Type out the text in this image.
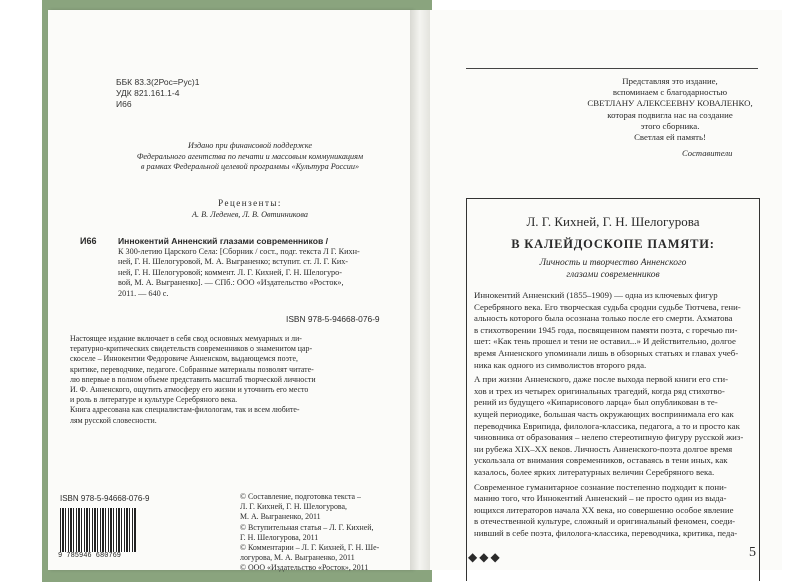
ББК 83.3(2Рос=Рус)1
УДК 821.161.1-4
И66
Издано при финансовой поддержке
Федерального агентства по печати и массовым коммуникациям
в рамках Федеральной целевой программы «Культура России»
Рецензенты:
А. В. Леденев, Л. В. Овтинникова
И66	Иннокентий Анненский глазами современников /
К 300-летию Царского Села: [Сборник / сост., подг. текста Л Г. Кихн-
ней, Г. Н. Шелогуровой, М. А. Выграненко; вступит. ст. Л. Г. Ких-
ней, Г. Н. Шелогуровой; коммент. Л. Г. Кихней, Г. Н. Шелогуро-
вой, М. А. Выграненко]. — СПб.: ООО «Издательство «Росток»,
2011. — 640 с.
ISBN 978-5-94668-076-9
Настоящее издание включает в себя свод основных мемуарных и ли-
тературно-критических свидетельств современников о знаменитом цар-
скоселе – Иннокентии Федоровиче Анненском, выдающемся поэте,
критике, переводчике, педагоге. Собранные материалы позволят читате-
лю впервые в полном объеме представить масштаб творческой личности
И. Ф. Анненского, ощутить атмосферу его жизни и уточнить его место
и роль в литературе и культуре Серебряного века.
Книга адресована как специалистам-филологам, так и всем любите-
лям русской словесности.
ISBN 978-5-94668-076-9
9 785946 680769
© Составление, подготовка текста –
Л. Г. Кихней, Г. Н. Шелогурова,
М. А. Выграненко, 2011
© Вступительная статья – Л. Г. Кихней,
Г. Н. Шелогурова, 2011
© Комментарии – Л. Г. Кихней, Г. Н. Ше-
логурова, М. А. Выграненко, 2011
© ООО «Издательство «Росток», 2011
Представляя это издание,
вспоминаем с благодарностью
СВЕТЛАНУ АЛЕКСЕЕВНУ КОВАЛЕНКО,
которая подвигла нас на создание
этого сборника.
Светлая ей память!
Составители
Л. Г. Кихней, Г. Н. Шелогурова
В КАЛЕЙДОСКОПЕ ПАМЯТИ:
Личность и творчество Анненского
глазами современников

Иннокентий Анненский (1855–1909) — одна из ключевых фигур

Серебряного века. Его творческая судьба сродни судьбе Тютчева, гени-

альность которого была осознана только после его смерти. Ахматова

в стихотворении 1945 года, посвященном памяти поэта, с горечью пи-

шет: «Как тень прошел и тени не оставил...» И действительно, долгое

время Анненского упоминали лишь в обзорных статьях и главах учеб-

ника как одного из символистов второго ряда.

А при жизни Анненского, даже после выхода первой книги его сти-

хов и трех из четырех оригинальных трагедий, когда ряд стихотво-

рений из будущего «Кипарисового ларца» был опубликован в те-

кущей периодике, большая часть окружающих воспринимала его как

переводчика Еврипида, филолога-классика, педагога, а то и просто как

чиновника от образования – нелепо стереотипную фигуру русской жиз-

ни рубежа XIX–XX веков. Личность Анненского-поэта долгое время

ускользала от внимания современников, оставаясь в тени иных, как

казалось, более ярких литературных величин Серебряного века.

Современное гуманитарное сознание постепенно подходит к пони-

манию того, что Иннокентий Анненский – не просто один из выда-

ющихся литераторов начала XX века, но совершенно особое явление

в отечественной культуре, сложный и оригинальный феномен, соеди-

нивший в себе поэта, филолога-классика, переводчика, критика, педа-

◆◆◆	5
